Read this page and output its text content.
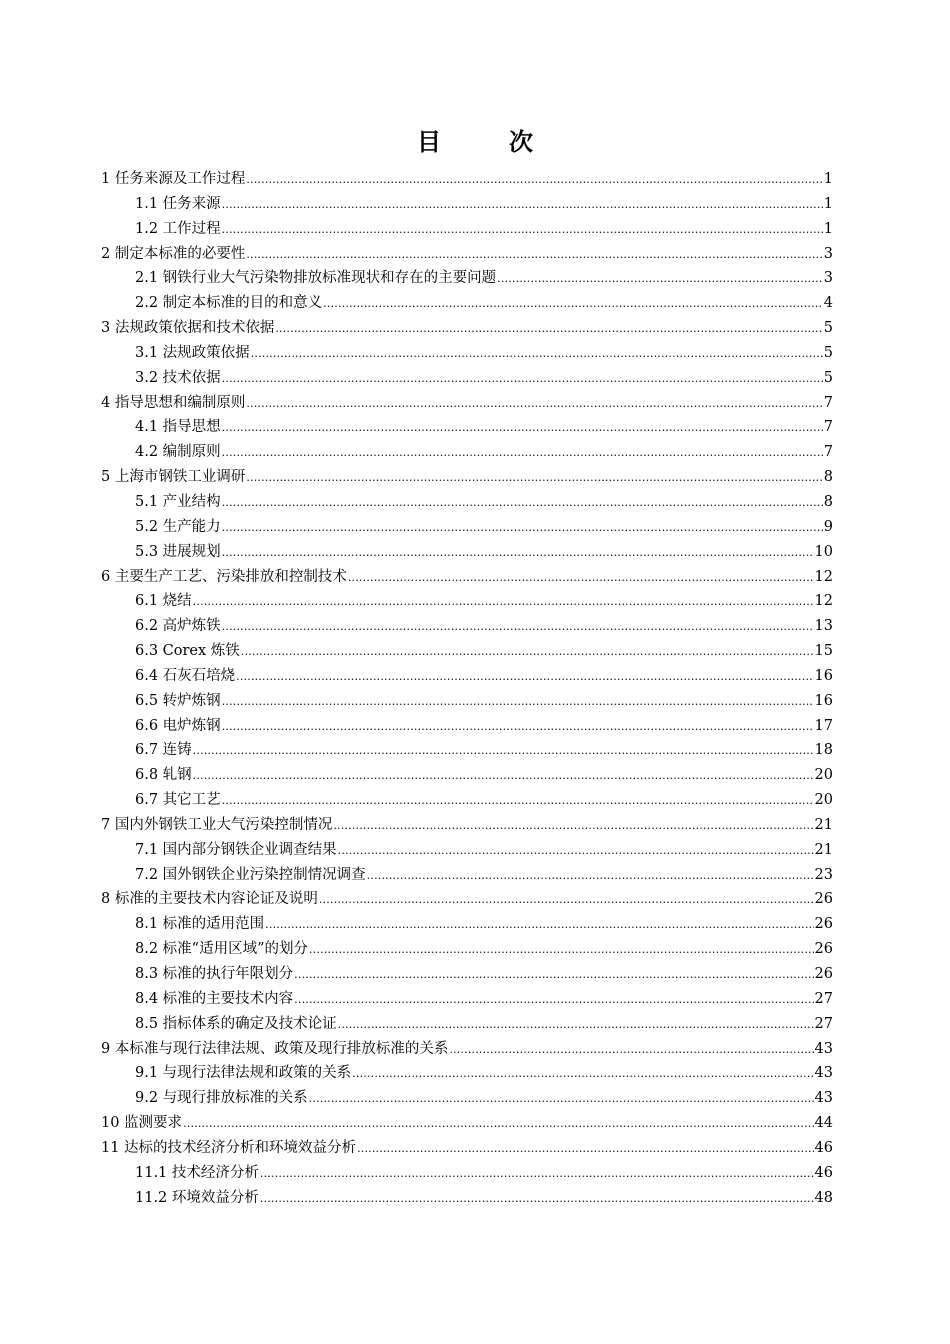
目　次
1 任务来源及工作过程 .....	1
1.1 任务来源 .....	1
1.2 工作过程 .....	1
2 制定本标准的必要性 .....	3
2.1 钢铁行业大气污染物排放标准现状和存在的主要问题 .....	3
2.2 制定本标准的目的和意义 .....	4
3 法规政策依据和技术依据 .....	5
3.1 法规政策依据 .....	5
3.2 技术依据 .....	5
4 指导思想和编制原则 .....	7
4.1 指导思想 .....	7
4.2 编制原则 .....	7
5 上海市钢铁工业调研 .....	8
5.1 产业结构 .....	8
5.2 生产能力 .....	9
5.3 进展规划 .....	10
6 主要生产工艺、污染排放和控制技术 .....	12
6.1 烧结 .....	12
6.2 高炉炼铁 .....	13
6.3 Corex 炼铁 .....	15
6.4 石灰石培烧 .....	16
6.5 转炉炼钢 .....	16
6.6 电炉炼钢 .....	17
6.7 连铸 .....	18
6.8 轧钢 .....	20
6.7 其它工艺 .....	20
7 国内外钢铁工业大气污染控制情况 .....	21
7.1 国内部分钢铁企业调查结果 .....	21
7.2 国外钢铁企业污染控制情况调查 .....	23
8 标准的主要技术内容论证及说明 .....	26
8.1 标准的适用范围 .....	26
8.2 标准“适用区域”的划分 .....	26
8.3 标准的执行年限划分 .....	26
8.4 标准的主要技术内容 .....	27
8.5 指标体系的确定及技术论证 .....	27
9 本标准与现行法律法规、政策及现行排放标准的关系 .....	43
9.1 与现行法律法规和政策的关系 .....	43
9.2 与现行排放标准的关系 .....	43
10 监测要求 .....	44
11 达标的技术经济分析和环境效益分析 .....	46
11.1 技术经济分析 .....	46
11.2 环境效益分析 .....	48
